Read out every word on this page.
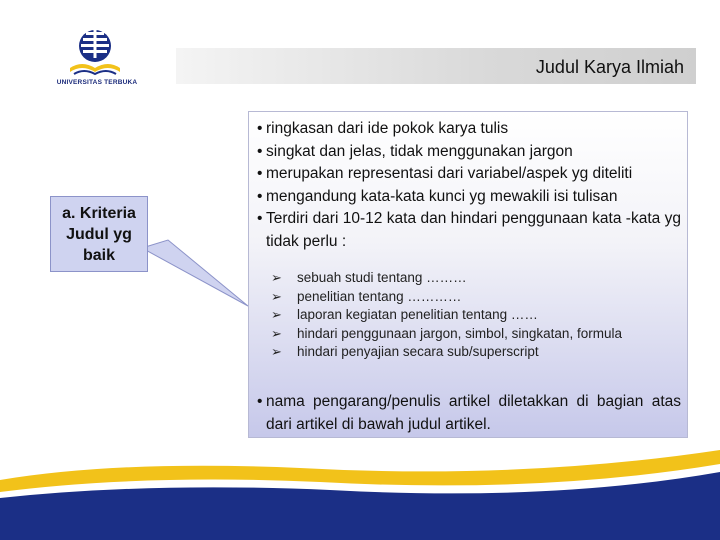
UNIVERSITAS TERBUKA
Judul Karya Ilmiah
a. Kriteria
Judul yg
baik
• ringkasan dari ide pokok karya tulis
• singkat dan jelas, tidak menggunakan jargon
• merupakan representasi dari variabel/aspek yg diteliti
• mengandung kata-kata kunci yg mewakili isi tulisan
• Terdiri dari 10-12 kata dan hindari penggunaan kata -kata yg tidak perlu :
➢	sebuah studi tentang ………
➢	penelitian tentang …………
➢	laporan kegiatan penelitian tentang ……
➢	hindari penggunaan jargon, simbol, singkatan, formula
➢	hindari penyajian secara sub/superscript
• nama pengarang/penulis artikel diletakkan di bagian atas dari artikel di bawah judul artikel.
